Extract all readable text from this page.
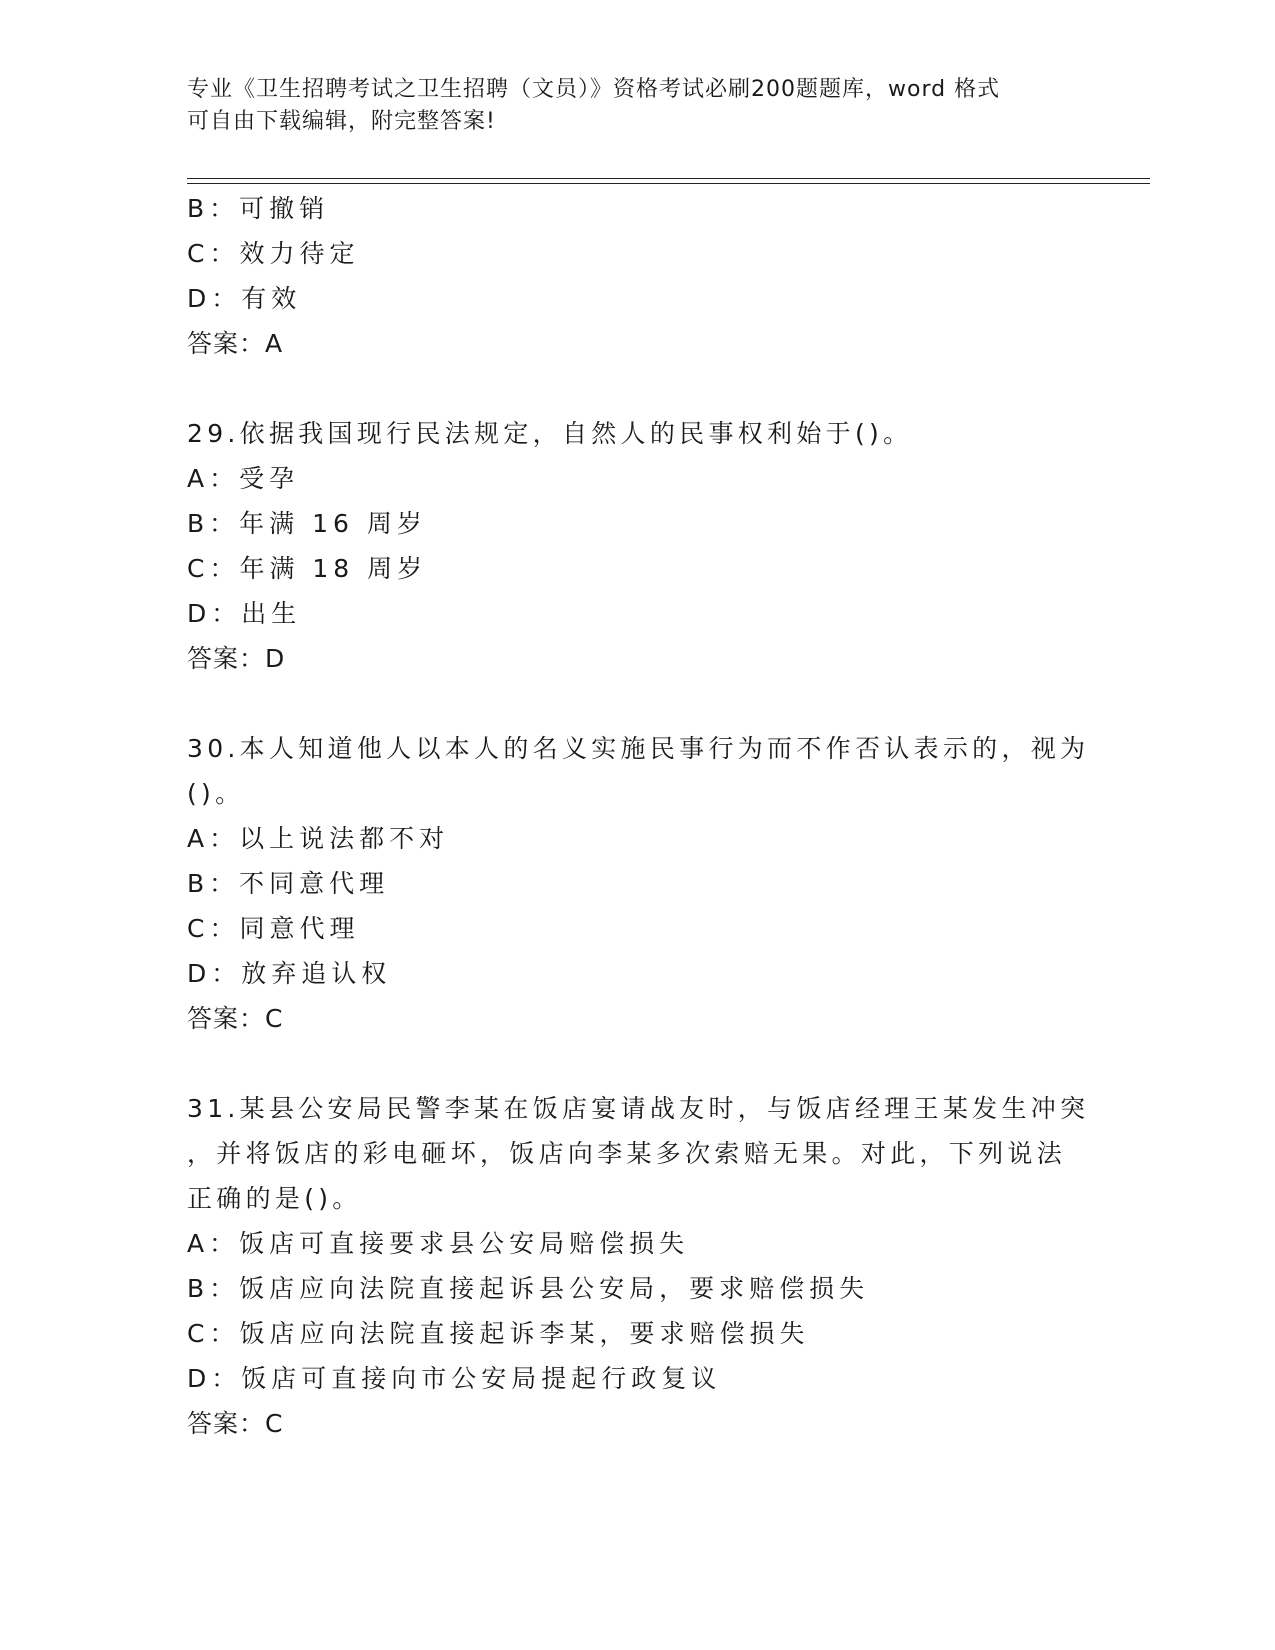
专业《卫生招聘考试之卫生招聘（文员）》资格考试必刷200题题库，word 格式
可自由下载编辑，附完整答案!
B：可撤销
C：效力待定
D：有效
答案：A
29.依据我国现行民法规定，自然人的民事权利始于()。
A：受孕
B：年满 16 周岁
C：年满 18 周岁
D：出生
答案：D
30.本人知道他人以本人的名义实施民事行为而不作否认表示的，视为
()。
A：以上说法都不对
B：不同意代理
C：同意代理
D：放弃追认权
答案：C
31.某县公安局民警李某在饭店宴请战友时，与饭店经理王某发生冲突
，并将饭店的彩电砸坏，饭店向李某多次索赔无果。对此，下列说法
正确的是()。
A：饭店可直接要求县公安局赔偿损失
B：饭店应向法院直接起诉县公安局，要求赔偿损失
C：饭店应向法院直接起诉李某，要求赔偿损失
D：饭店可直接向市公安局提起行政复议
答案：C
